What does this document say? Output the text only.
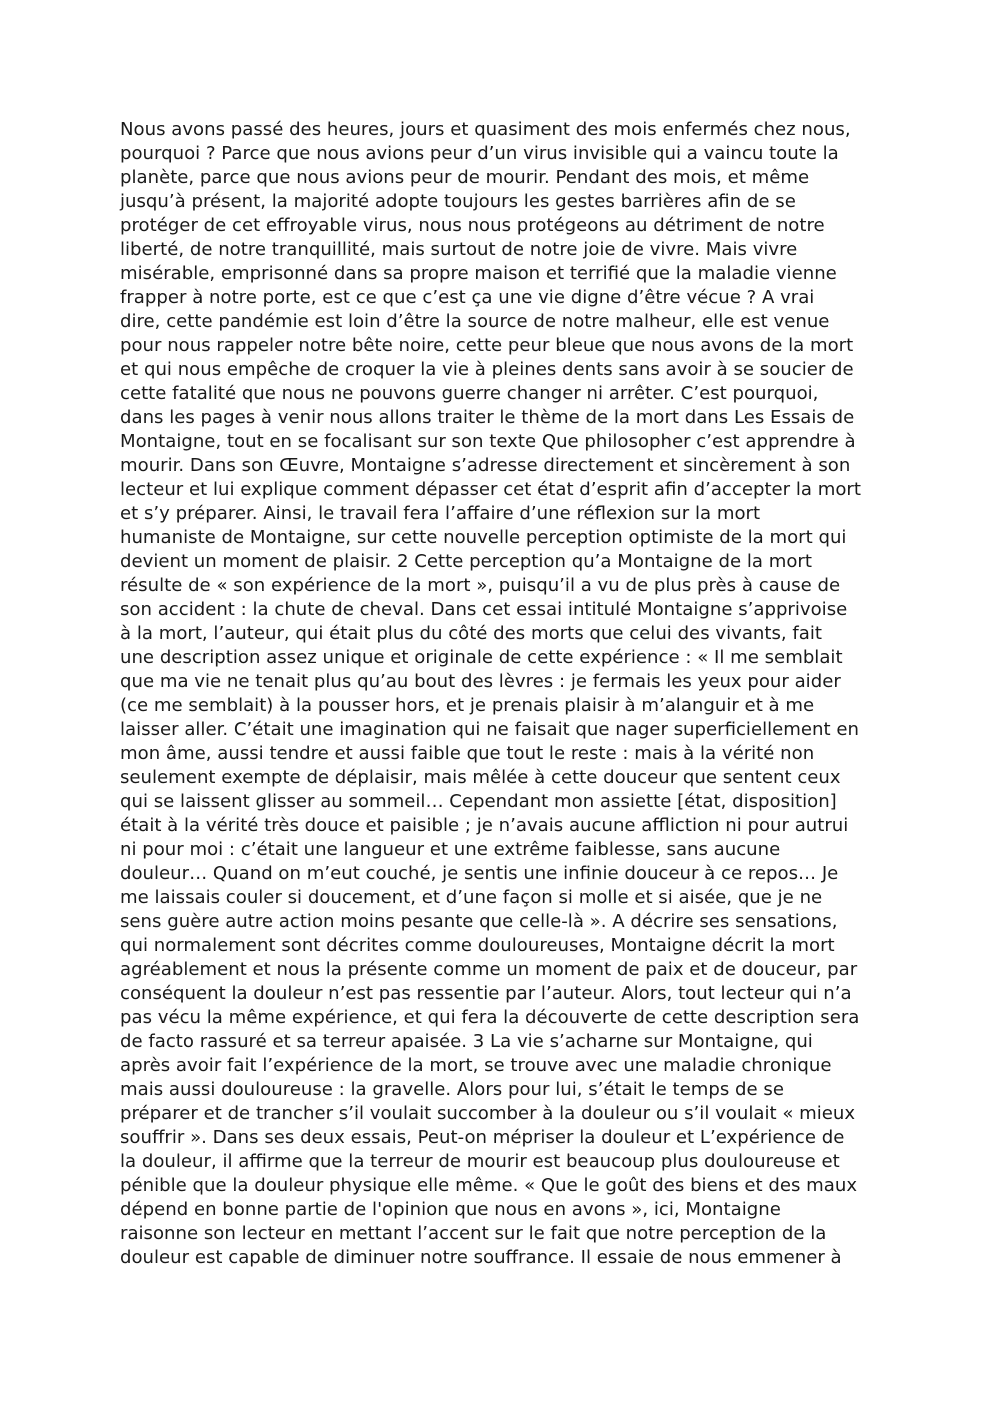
Nous avons passé des heures, jours et quasiment des mois enfermés chez nous,
pourquoi ? Parce que nous avions peur d’un virus invisible qui a vaincu toute la
planète, parce que nous avions peur de mourir. Pendant des mois, et même
jusqu’à présent, la majorité adopte toujours les gestes barrières afin de se
protéger de cet effroyable virus, nous nous protégeons au détriment de notre
liberté, de notre tranquillité, mais surtout de notre joie de vivre. Mais vivre
misérable, emprisonné dans sa propre maison et terrifié que la maladie vienne
frapper à notre porte, est ce que c’est ça une vie digne d’être vécue ? A vrai
dire, cette pandémie est loin d’être la source de notre malheur, elle est venue
pour nous rappeler notre bête noire, cette peur bleue que nous avons de la mort
et qui nous empêche de croquer la vie à pleines dents sans avoir à se soucier de
cette fatalité que nous ne pouvons guerre changer ni arrêter. C’est pourquoi,
dans les pages à venir nous allons traiter le thème de la mort dans Les Essais de
Montaigne, tout en se focalisant sur son texte Que philosopher c’est apprendre à
mourir. Dans son Œuvre, Montaigne s’adresse directement et sincèrement à son
lecteur et lui explique comment dépasser cet état d’esprit afin d’accepter la mort
et s’y préparer. Ainsi, le travail fera l’affaire d’une réflexion sur la mort
humaniste de Montaigne, sur cette nouvelle perception optimiste de la mort qui
devient un moment de plaisir. 2 Cette perception qu’a Montaigne de la mort
résulte de « son expérience de la mort », puisqu’il a vu de plus près à cause de
son accident : la chute de cheval. Dans cet essai intitulé Montaigne s’apprivoise
à la mort, l’auteur, qui était plus du côté des morts que celui des vivants, fait
une description assez unique et originale de cette expérience : « Il me semblait
que ma vie ne tenait plus qu’au bout des lèvres : je fermais les yeux pour aider
(ce me semblait) à la pousser hors, et je prenais plaisir à m’alanguir et à me
laisser aller. C’était une imagination qui ne faisait que nager superficiellement en
mon âme, aussi tendre et aussi faible que tout le reste : mais à la vérité non
seulement exempte de déplaisir, mais mêlée à cette douceur que sentent ceux
qui se laissent glisser au sommeil… Cependant mon assiette [état, disposition]
était à la vérité très douce et paisible ; je n’avais aucune affliction ni pour autrui
ni pour moi : c’était une langueur et une extrême faiblesse, sans aucune
douleur… Quand on m’eut couché, je sentis une infinie douceur à ce repos… Je
me laissais couler si doucement, et d’une façon si molle et si aisée, que je ne
sens guère autre action moins pesante que celle-là ». A décrire ses sensations,
qui normalement sont décrites comme douloureuses, Montaigne décrit la mort
agréablement et nous la présente comme un moment de paix et de douceur, par
conséquent la douleur n’est pas ressentie par l’auteur. Alors, tout lecteur qui n’a
pas vécu la même expérience, et qui fera la découverte de cette description sera
de facto rassuré et sa terreur apaisée. 3 La vie s’acharne sur Montaigne, qui
après avoir fait l’expérience de la mort, se trouve avec une maladie chronique
mais aussi douloureuse : la gravelle. Alors pour lui, s’était le temps de se
préparer et de trancher s’il voulait succomber à la douleur ou s’il voulait « mieux
souffrir ». Dans ses deux essais, Peut-on mépriser la douleur et L’expérience de
la douleur, il affirme que la terreur de mourir est beaucoup plus douloureuse et
pénible que la douleur physique elle même. « Que le goût des biens et des maux
dépend en bonne partie de l'opinion que nous en avons », ici, Montaigne
raisonne son lecteur en mettant l’accent sur le fait que notre perception de la
douleur est capable de diminuer notre souffrance. Il essaie de nous emmener à
